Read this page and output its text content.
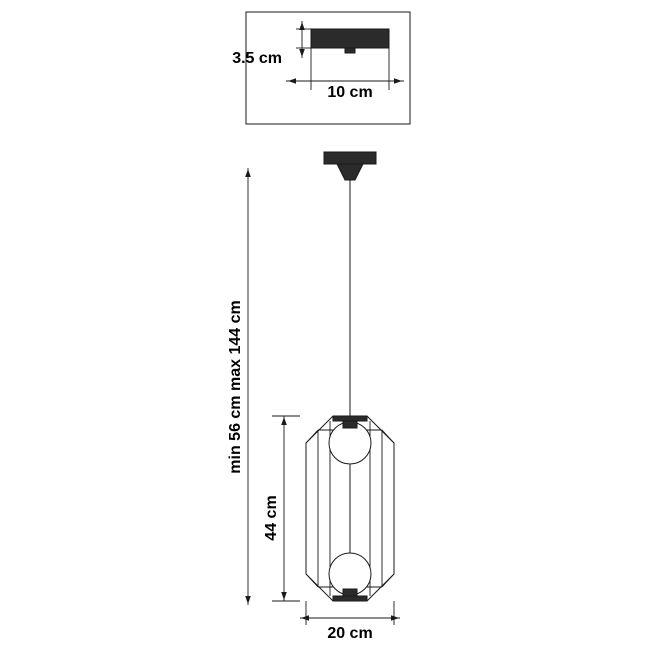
3.5 cm
10 cm
min 56 cm max 144 cm
44 cm
20 cm
